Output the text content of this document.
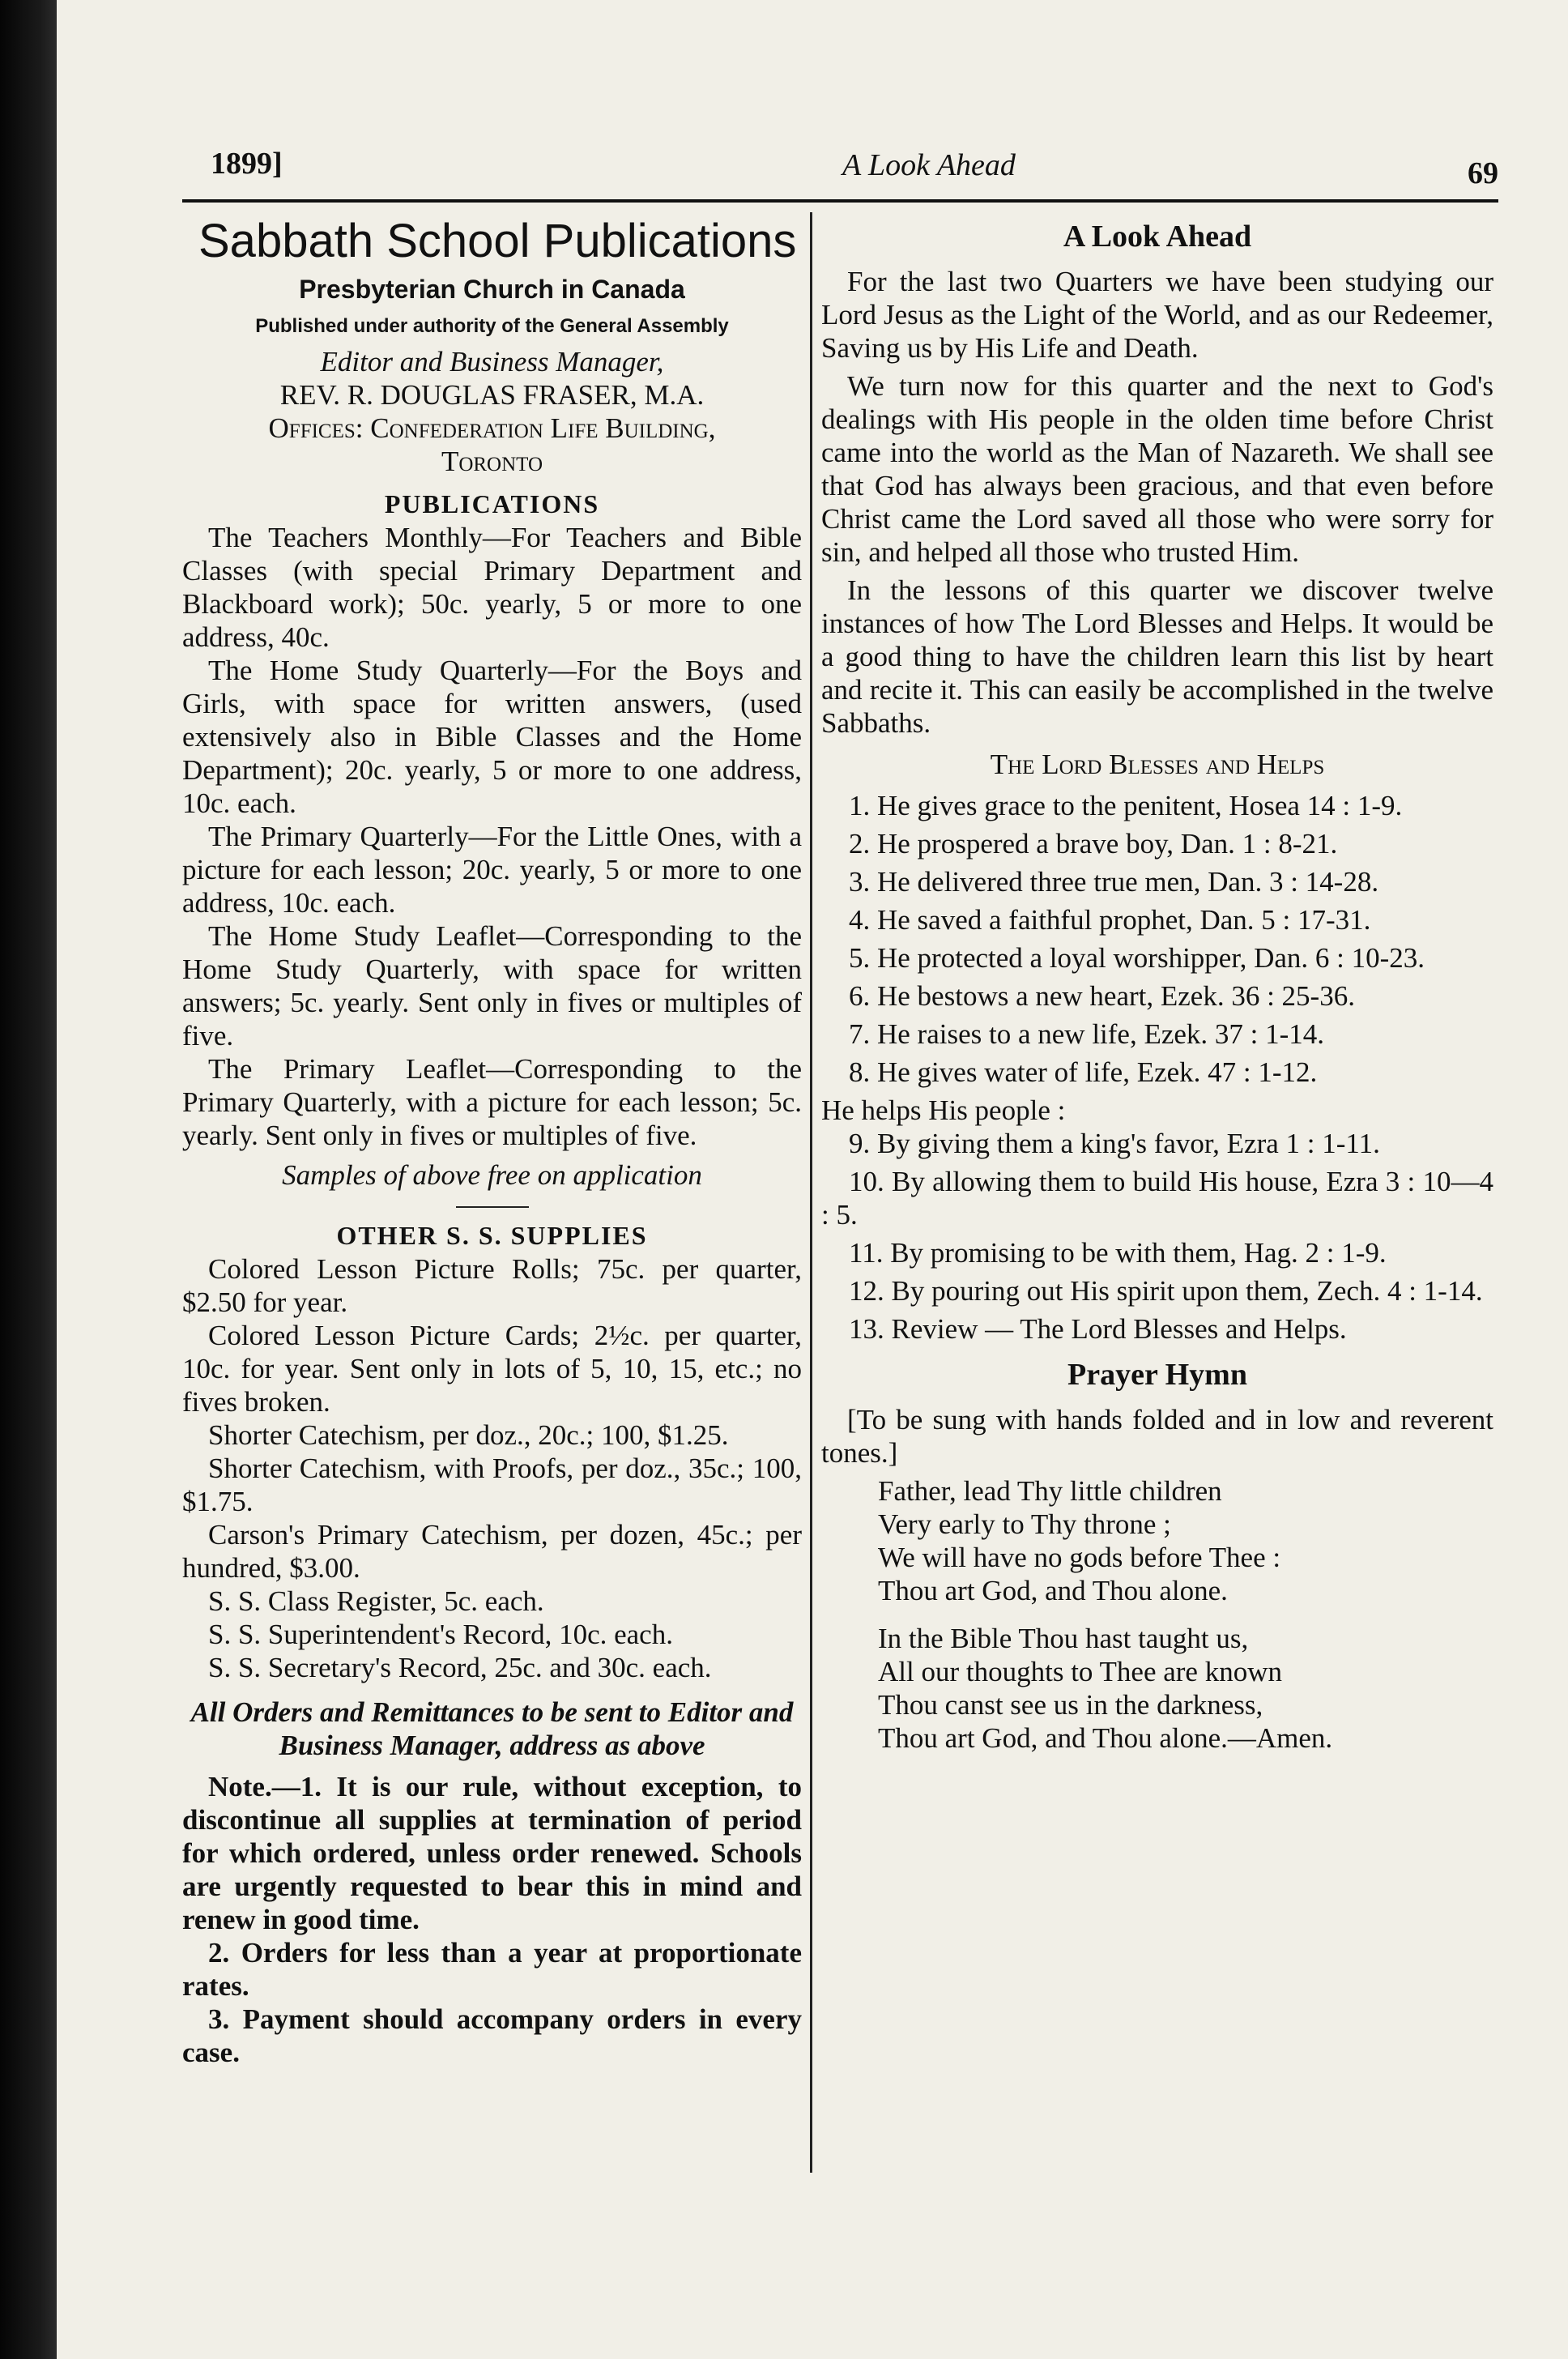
1899]	A Look Ahead	69
Sabbath School Publications
Presbyterian Church in Canada
Published under authority of the General Assembly
Editor and Business Manager,
REV. R. DOUGLAS FRASER, M.A.
Offices: Confederation Life Building,
Toronto
PUBLICATIONS

The Teachers Monthly—For Teachers and Bible Classes (with special Primary Department and Blackboard work); 50c. yearly, 5 or more to one address, 40c.

The Home Study Quarterly—For the Boys and Girls, with space for written answers, (used extensively also in Bible Classes and the Home Department); 20c. yearly, 5 or more to one address, 10c. each.

The Primary Quarterly—For the Little Ones, with a picture for each lesson; 20c. yearly, 5 or more to one address, 10c. each.

The Home Study Leaflet—Corresponding to the Home Study Quarterly, with space for written answers; 5c. yearly. Sent only in fives or multiples of five.

The Primary Leaflet—Corresponding to the Primary Quarterly, with a picture for each lesson; 5c. yearly. Sent only in fives or multiples of five.

Samples of above free on application
OTHER S. S. SUPPLIES

Colored Lesson Picture Rolls; 75c. per quarter, $2.50 for year.

Colored Lesson Picture Cards; 2½c. per quarter, 10c. for year. Sent only in lots of 5, 10, 15, etc.; no fives broken.

Shorter Catechism, per doz., 20c.; 100, $1.25.

Shorter Catechism, with Proofs, per doz., 35c.; 100, $1.75.

Carson's Primary Catechism, per dozen, 45c.; per hundred, $3.00.

S. S. Class Register, 5c. each.

S. S. Superintendent's Record, 10c. each.

S. S. Secretary's Record, 25c. and 30c. each.

All Orders and Remittances to be sent to Editor and Business Manager, address as above

Note.—1. It is our rule, without exception, to discontinue all supplies at termination of period for which ordered, unless order renewed. Schools are urgently requested to bear this in mind and renew in good time.

2. Orders for less than a year at proportionate rates.

3. Payment should accompany orders in every case.

A Look Ahead

For the last two Quarters we have been studying our Lord Jesus as the Light of the World, and as our Redeemer, Saving us by His Life and Death.

We turn now for this quarter and the next to God's dealings with His people in the olden time before Christ came into the world as the Man of Nazareth. We shall see that God has always been gracious, and that even before Christ came the Lord saved all those who were sorry for sin, and helped all those who trusted Him.

In the lessons of this quarter we discover twelve instances of how The Lord Blesses and Helps. It would be a good thing to have the children learn this list by heart and recite it. This can easily be accomplished in the twelve Sabbaths.

The Lord Blesses and Helps

1. He gives grace to the penitent, Hosea 14 : 1-9.

2. He prospered a brave boy, Dan. 1 : 8-21.

3. He delivered three true men, Dan. 3 : 14-28.

4. He saved a faithful prophet, Dan. 5 : 17-31.

5. He protected a loyal worshipper, Dan. 6 : 10-23.

6. He bestows a new heart, Ezek. 36 : 25-36.

7. He raises to a new life, Ezek. 37 : 1-14.

8. He gives water of life, Ezek. 47 : 1-12.

He helps His people :

9. By giving them a king's favor, Ezra 1 : 1-11.

10. By allowing them to build His house, Ezra 3 : 10—4 : 5.

11. By promising to be with them, Hag. 2 : 1-9.

12. By pouring out His spirit upon them, Zech. 4 : 1-14.

13. Review — The Lord Blesses and Helps.

Prayer Hymn

[To be sung with hands folded and in low and reverent tones.]

Father, lead Thy little children
Very early to Thy throne ;
We will have no gods before Thee :
Thou art God, and Thou alone.
In the Bible Thou hast taught us,
All our thoughts to Thee are known
Thou canst see us in the darkness,
Thou art God, and Thou alone.—Amen.
